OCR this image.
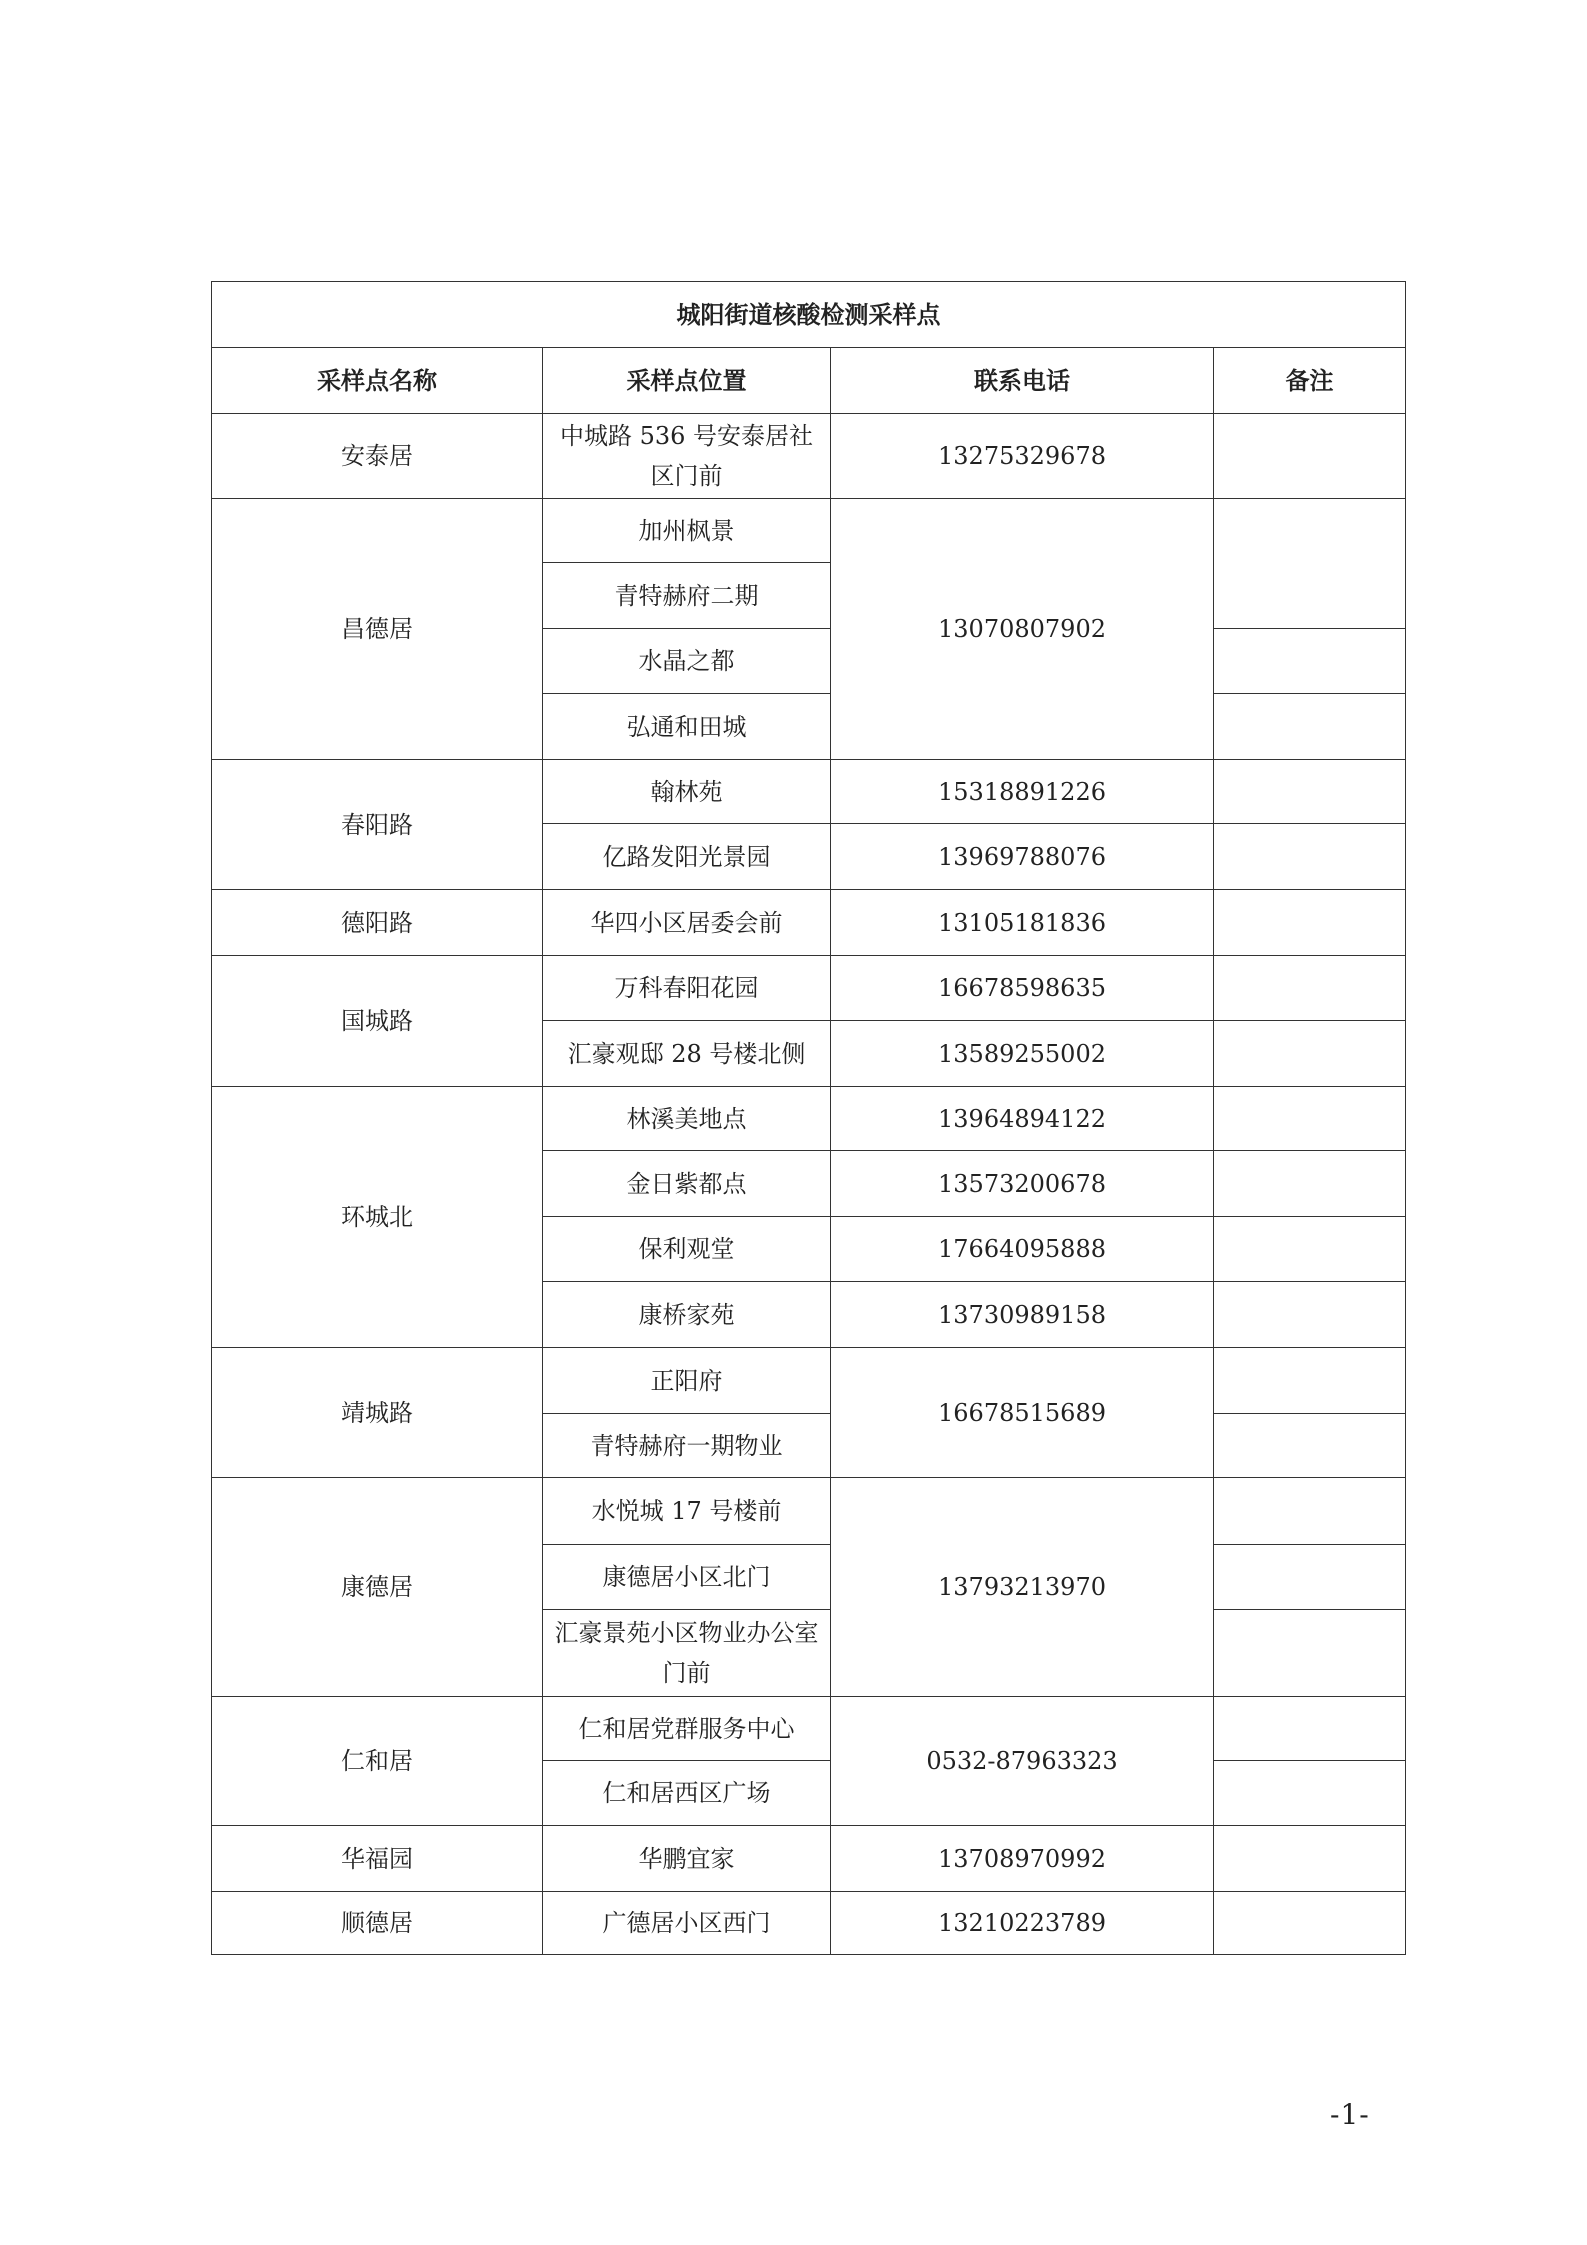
城阳街道核酸检测采样点			
采样点名称	采样点位置	联系电话	备注
安泰居	中城路 536 号安泰居社区门前	13275329678	
昌德居	加州枫景	13070807902	
	青特赫府二期		
	水晶之都		
	弘通和田城		
春阳路	翰林苑	15318891226	
	亿路发阳光景园	13969788076	
德阳路	华四小区居委会前	13105181836	
国城路	万科春阳花园	16678598635	
	汇豪观邸 28 号楼北侧	13589255002	
环城北	林溪美地点	13964894122	
	金日紫都点	13573200678	
	保利观堂	17664095888	
	康桥家苑	13730989158	
靖城路	正阳府	16678515689	
	青特赫府一期物业		
康德居	水悦城 17 号楼前	13793213970	
	康德居小区北门		
	汇豪景苑小区物业办公室门前		
仁和居	仁和居党群服务中心	0532-87963323	
	仁和居西区广场		
华福园	华鹏宜家	13708970992	
顺德居	广德居小区西门	13210223789	
-1-
